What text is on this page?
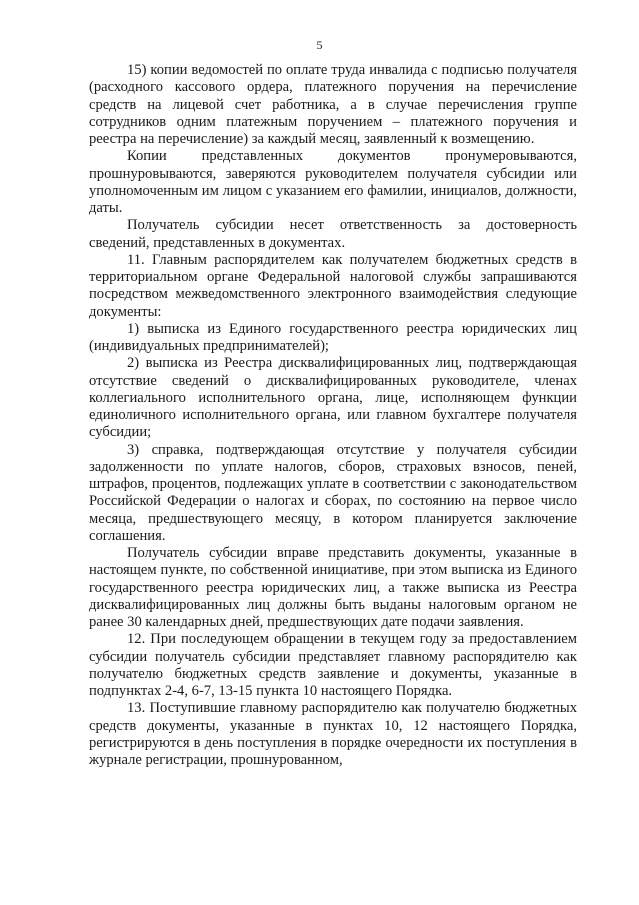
5

15) копии ведомостей по оплате труда инвалида с подписью получателя (расходного кассового ордера, платежного поручения на перечисление средств на лицевой счет работника, а в случае перечисления группе сотрудников одним платежным поручением – платежного поручения и реестра на перечисление) за каждый месяц, заявленный к возмещению.

Копии представленных документов пронумеровываются, прошнуровываются, заверяются руководителем получателя субсидии или уполномоченным им лицом с указанием его фамилии, инициалов, должности, даты.

Получатель субсидии несет ответственность за достоверность сведений, представленных в документах.

11. Главным распорядителем как получателем бюджетных средств в территориальном органе Федеральной налоговой службы запрашиваются посредством межведомственного электронного взаимодействия следующие документы:

1) выписка из Единого государственного реестра юридических лиц (индивидуальных предпринимателей);

2) выписка из Реестра дисквалифицированных лиц, подтверждающая отсутствие сведений о дисквалифицированных руководителе, членах коллегиального исполнительного органа, лице, исполняющем функции единоличного исполнительного органа, или главном бухгалтере получателя субсидии;

3) справка, подтверждающая отсутствие у получателя субсидии задолженности по уплате налогов, сборов, страховых взносов, пеней, штрафов, процентов, подлежащих уплате в соответствии с законодательством Российской Федерации о налогах и сборах, по состоянию на первое число месяца, предшествующего месяцу, в котором планируется заключение соглашения.

Получатель субсидии вправе представить документы, указанные в настоящем пункте, по собственной инициативе, при этом выписка из Единого государственного реестра юридических лиц, а также выписка из Реестра дисквалифицированных лиц должны быть выданы налоговым органом не ранее 30 календарных дней, предшествующих дате подачи заявления.

12. При последующем обращении в текущем году за предоставлением субсидии получатель субсидии представляет главному распорядителю как получателю бюджетных средств заявление и документы, указанные в подпунктах 2-4, 6-7, 13-15 пункта 10 настоящего Порядка.

13. Поступившие главному распорядителю как получателю бюджетных средств документы, указанные в пунктах 10, 12 настоящего Порядка, регистрируются в день поступления в порядке очередности их поступления в журнале регистрации, прошнурованном,
